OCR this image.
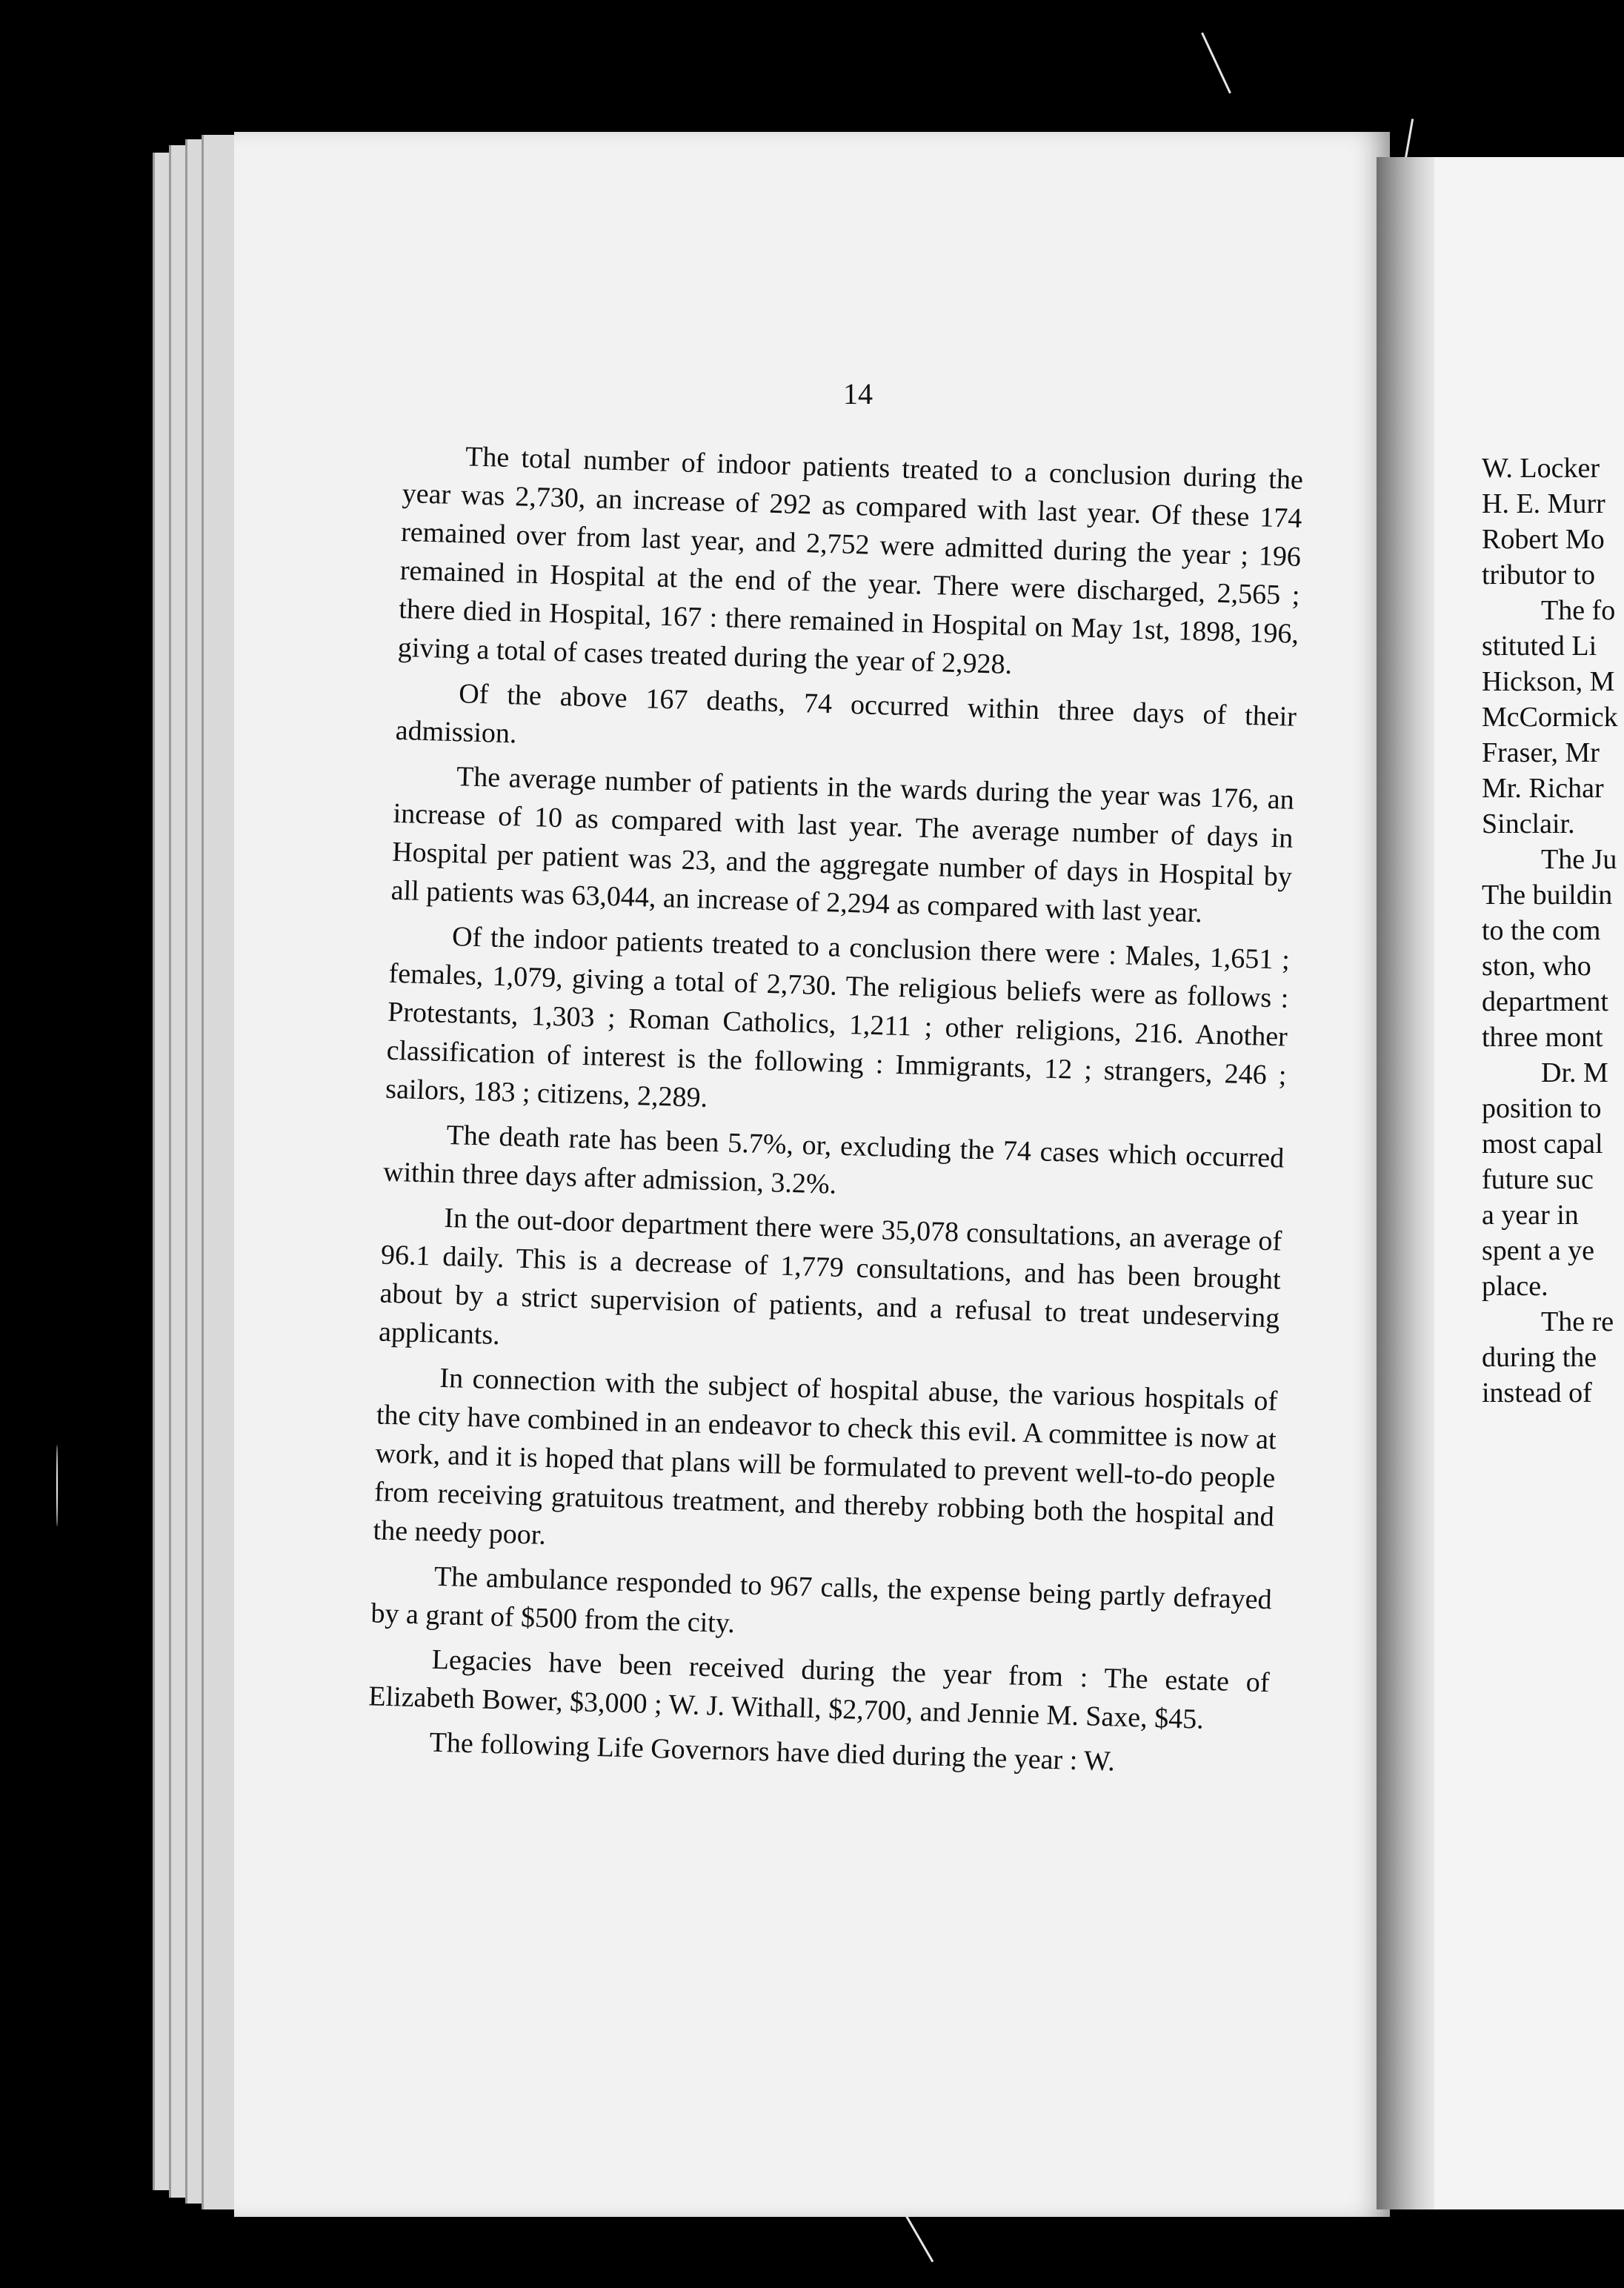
14

The total number of indoor patients treated to a conclusion during the year was 2,730, an increase of 292 as compared with last year. Of these 174 remained over from last year, and 2,752 were admitted during the year ; 196 remained in Hospital at the end of the year. There were discharged, 2,565 ; there died in Hospital, 167 : there remained in Hospital on May 1st, 1898, 196, giving a total of cases treated during the year of 2,928.

Of the above 167 deaths, 74 occurred within three days of their admission.

The average number of patients in the wards during the year was 176, an increase of 10 as compared with last year. The average number of days in Hospital per patient was 23, and the aggregate number of days in Hospital by all patients was 63,044, an increase of 2,294 as compared with last year.

Of the indoor patients treated to a conclusion there were : Males, 1,651 ; females, 1,079, giving a total of 2,730. The religious beliefs were as follows : Protestants, 1,303 ; Roman Catholics, 1,211 ; other religions, 216. Another classification of interest is the following : Immigrants, 12 ; strangers, 246 ; sailors, 183 ; citizens, 2,289.

The death rate has been 5.7%, or, excluding the 74 cases which occurred within three days after admission, 3.2%.

In the out-door department there were 35,078 consultations, an average of 96.1 daily. This is a decrease of 1,779 consultations, and has been brought about by a strict supervision of patients, and a refusal to treat undeserving applicants.

In connection with the subject of hospital abuse, the various hospitals of the city have combined in an endeavor to check this evil. A committee is now at work, and it is hoped that plans will be formulated to prevent well-to-do people from receiving gratuitous treatment, and thereby robbing both the hospital and the needy poor.

The ambulance responded to 967 calls, the expense being partly defrayed by a grant of $500 from the city.

Legacies have been received during the year from : The estate of Elizabeth Bower, $3,000 ; W. J. Withall, $2,700, and Jennie M. Saxe, $45.

The following Life Governors have died during the year : W.

W. Locker
H. E. Murr
Robert Mo
tributor to
The fo
stituted Li
Hickson, M
McCormick
Fraser, Mr
Mr. Richar
Sinclair.
The Ju
The buildin
to the com
ston, who
department
three mont
Dr. M
position to
most capal
future suc
a year in
spent a ye
place.
The re
during the
instead of
